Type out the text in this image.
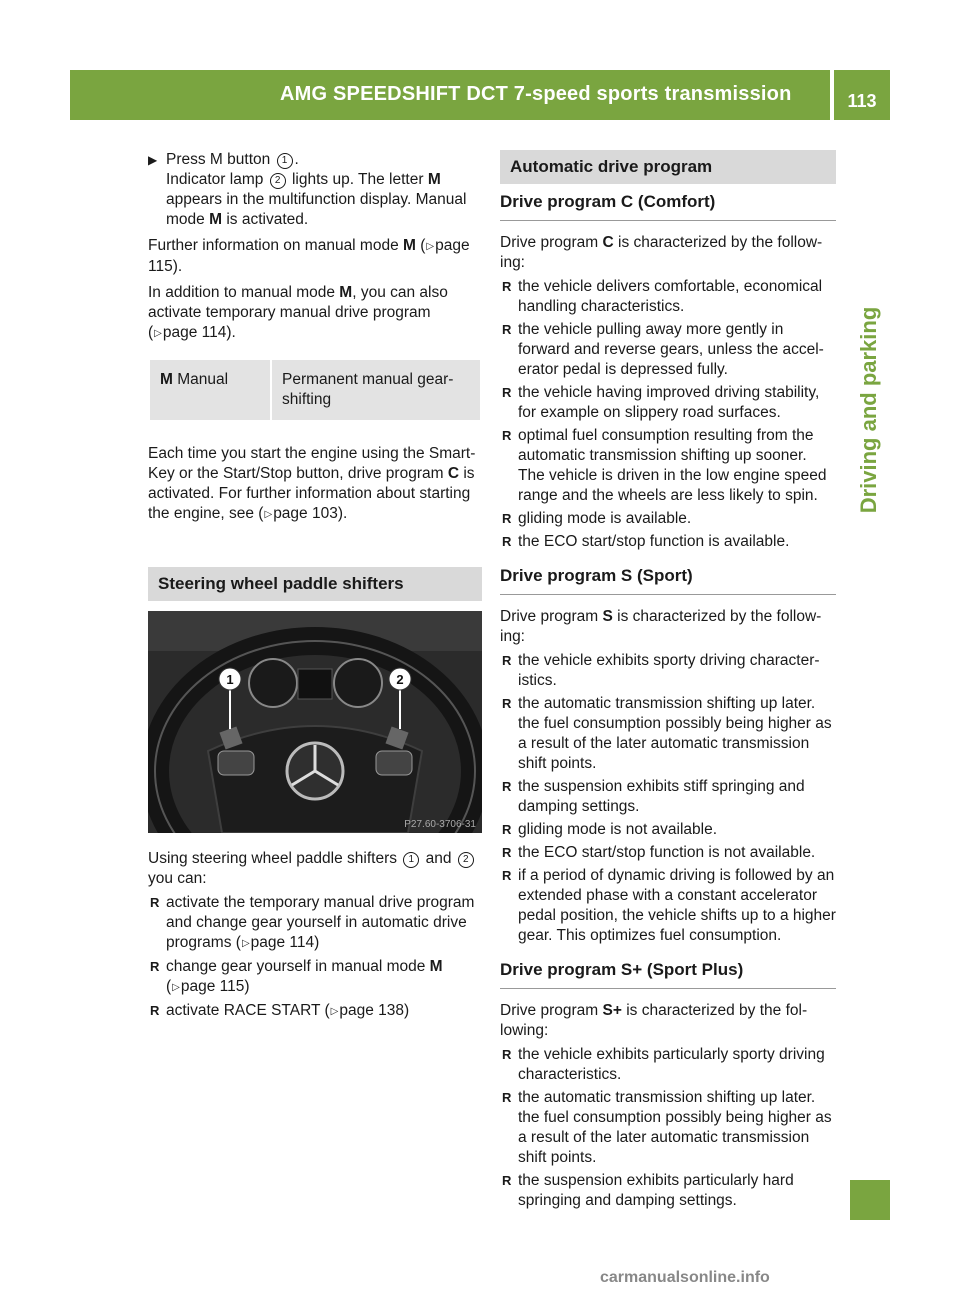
AMG SPEEDSHIFT DCT 7-speed sports transmission	113
Driving and parking

▶ Press M button 1 .
Indicator lamp 2 lights up. The letter M appears in the multifunction display. Manual mode M is activated.

Further information on manual mode M (▷page 115).

In addition to manual mode M, you can also activate temporary manual drive program (▷page 114).

M Manual	Permanent manual gear-shifting

Each time you start the engine using the Smart-Key or the Start/Stop button, drive program C is activated. For further information about starting the engine, see (▷page 103).

Steering wheel paddle shifters
1	2
P27.60-3706-31

Using steering wheel paddle shifters 1 and 2 you can:

R activate the temporary manual drive program and change gear yourself in automatic drive programs (▷page 114)
R change gear yourself in manual mode M
(▷page 115)
R activate RACE START (▷page 138)
Automatic drive program
Drive program C (Comfort)

Drive program C is characterized by the follow-ing:

R the vehicle delivers comfortable, economical handling characteristics.
R the vehicle pulling away more gently in forward and reverse gears, unless the accel-erator pedal is depressed fully.
R the vehicle having improved driving stability, for example on slippery road surfaces.
R optimal fuel consumption resulting from the automatic transmission shifting up sooner. The vehicle is driven in the low engine speed range and the wheels are less likely to spin.
R gliding mode is available.
R the ECO start/stop function is available.
Drive program S (Sport)

Drive program S is characterized by the follow-ing:

R the vehicle exhibits sporty driving character-istics.
R the automatic transmission shifting up later. the fuel consumption possibly being higher as a result of the later automatic transmission shift points.
R the suspension exhibits stiff springing and damping settings.
R gliding mode is not available.
R the ECO start/stop function is not available.
R if a period of dynamic driving is followed by an extended phase with a constant accelerator pedal position, the vehicle shifts up to a higher gear. This optimizes fuel consumption.
Drive program S+ (Sport Plus)

Drive program S+ is characterized by the fol-lowing:

R the vehicle exhibits particularly sporty driving characteristics.
R the automatic transmission shifting up later. the fuel consumption possibly being higher as a result of the later automatic transmission shift points.
R the suspension exhibits particularly hard springing and damping settings.
carmanualsonline.info
